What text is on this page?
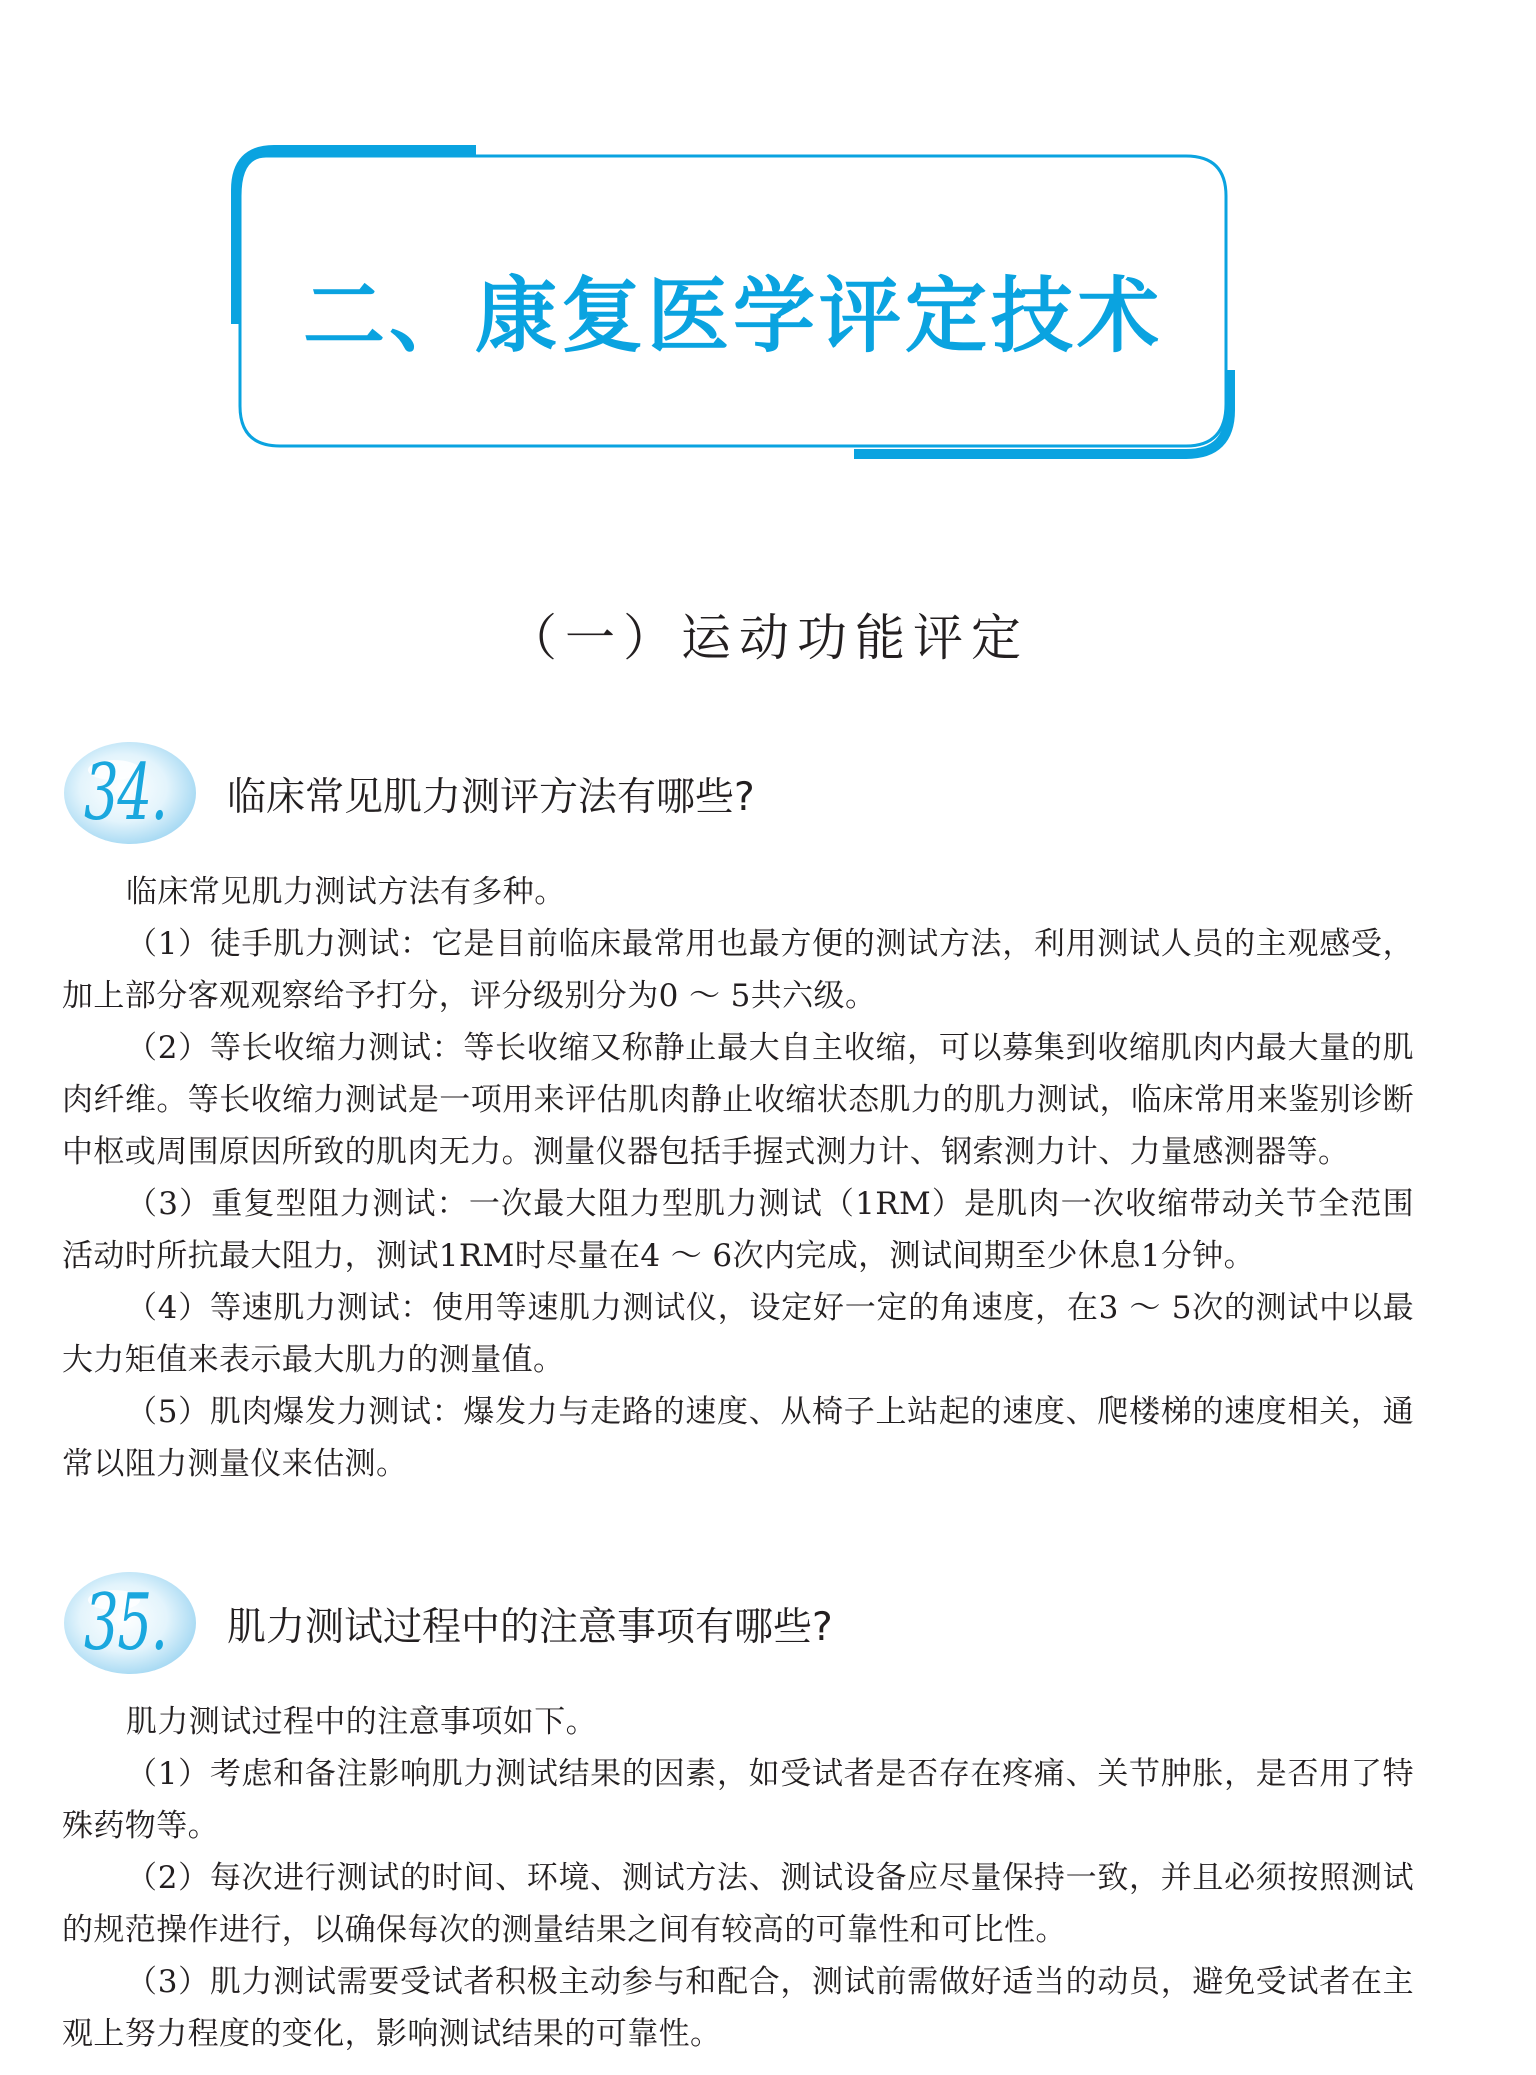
二、康复医学评定技术
（一）运动功能评定
34. 临床常见肌力测评方法有哪些?

临床常见肌力测试方法有多种。

（1）徒手肌力测试：它是目前临床最常用也最方便的测试方法，利用测试人员的主观感受，加上部分客观观察给予打分，评分级别分为0 ～ 5共六级。

（2）等长收缩力测试：等长收缩又称静止最大自主收缩，可以募集到收缩肌肉内最大量的肌肉纤维。等长收缩力测试是一项用来评估肌肉静止收缩状态肌力的肌力测试，临床常用来鉴别诊断中枢或周围原因所致的肌肉无力。测量仪器包括手握式测力计、钢索测力计、力量感测器等。

（3）重复型阻力测试：一次最大阻力型肌力测试（1RM）是肌肉一次收缩带动关节全范围活动时所抗最大阻力，测试1RM时尽量在4 ～ 6次内完成，测试间期至少休息1分钟。

（4）等速肌力测试：使用等速肌力测试仪，设定好一定的角速度，在3 ～ 5次的测试中以最大力矩值来表示最大肌力的测量值。

（5）肌肉爆发力测试：爆发力与走路的速度、从椅子上站起的速度、爬楼梯的速度相关，通常以阻力测量仪来估测。

35. 肌力测试过程中的注意事项有哪些?

肌力测试过程中的注意事项如下。

（1）考虑和备注影响肌力测试结果的因素，如受试者是否存在疼痛、关节肿胀，是否用了特殊药物等。

（2）每次进行测试的时间、环境、测试方法、测试设备应尽量保持一致，并且必须按照测试的规范操作进行，以确保每次的测量结果之间有较高的可靠性和可比性。

（3）肌力测试需要受试者积极主动参与和配合，测试前需做好适当的动员，避免受试者在主观上努力程度的变化，影响测试结果的可靠性。
